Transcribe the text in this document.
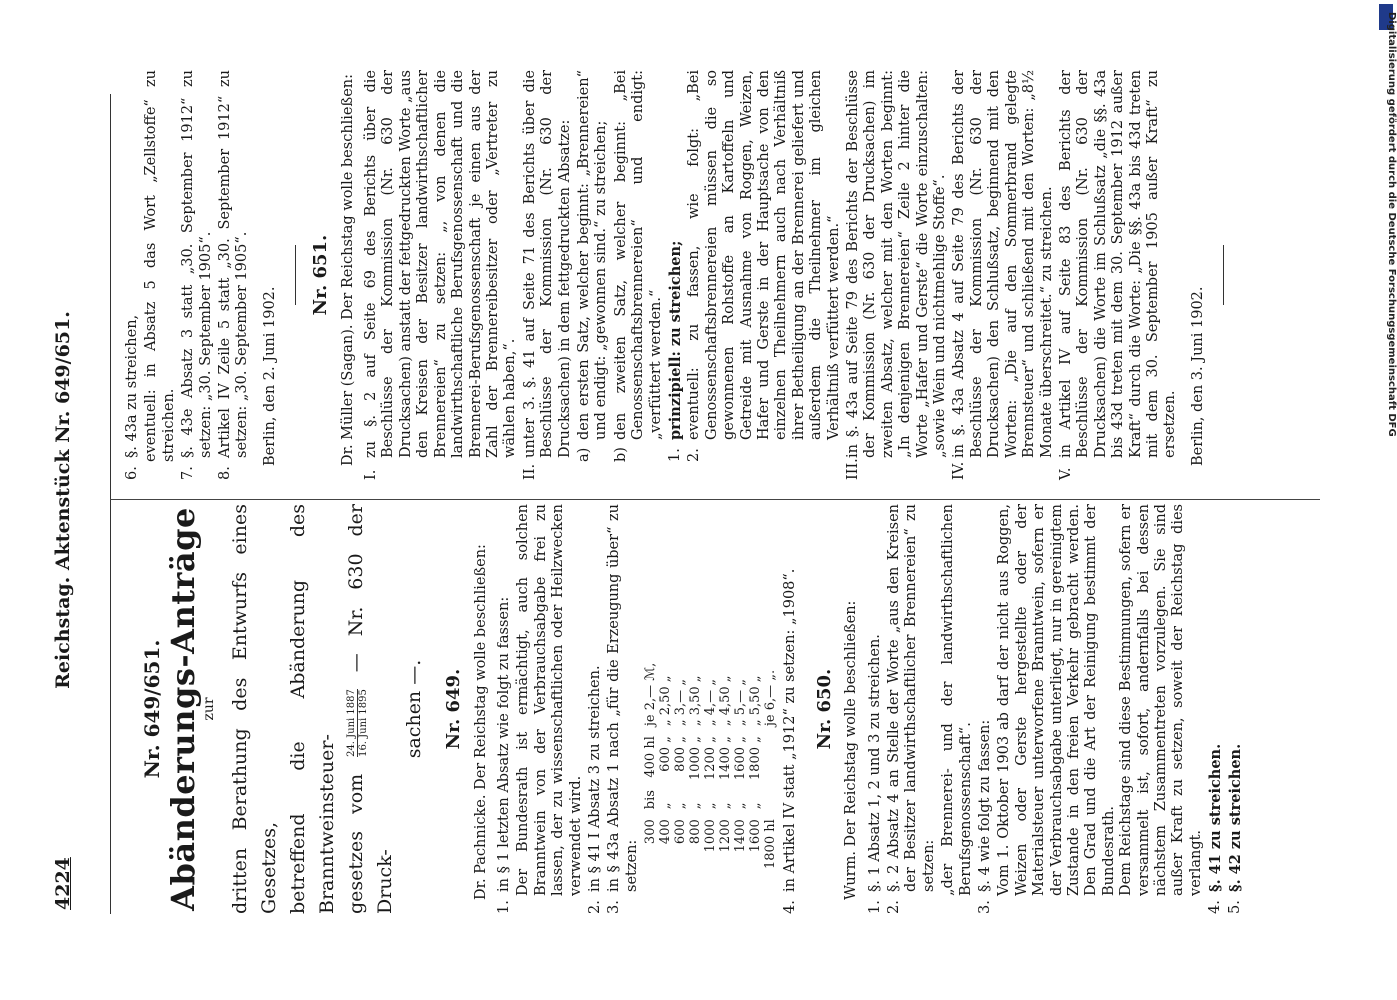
4224
Reichstag. Aktenstück Nr. 649/651.
Nr. 649/651. Abänderungs-Anträge
zur dritten Berathung des Entwurfs eines Gesetzes, betreffend die Abänderung des Branntweinsteuer- gesetzes vom
24. Juni 1887 16. Juni 1895
— Nr. 630 der Druck-
sachen —. Nr. 649. Dr. Pachnicke. Der Reichstag wolle beschließen:
1.
in § 1 letzten Absatz wie folgt zu fassen: Der Bundesrath ist ermächtigt, auch solchen Branntwein von der Verbrauchsabgabe frei zu lassen, der zu wissenschaftlichen oder Heilzwecken verwendet wird.
2.
in § 41 I Absatz 3 zu streichen.
3.
in § 43a Absatz 1 nach „für die Erzeugung über“ zu setzen:
300	bis	400 hl	je 2,— ℳ,
400	„	600 „	„ 2,50 „
600	„	800 „	„ 3,— „
800	„	1000 „	„ 3,50 „
1000	„	1200 „	„ 4,— „
1200	„	1400 „	„ 4,50 „
1400	„	1600 „	„ 5,— „
1600	„	1800 „	„ 5,50 „
1800 hl			je 6,— „.
4.
in Artikel IV statt „1912“ zu setzen: „1908“. Nr. 650. Wurm. Der Reichstag wolle beschließen:
1.
§. 1 Absatz 1, 2 und 3 zu streichen.
2.
§. 2 Absatz 4 an Stelle der Worte „aus den Kreisen der Besitzer landwirthschaftlicher Brennereien“ zu setzen: „der Brennerei- und der landwirthschaftlichen Berufsgenossenschaft“.
3.
§. 4 wie folgt zu fassen: Vom 1. Oktober 1903 ab darf der nicht aus Roggen, Weizen oder Gerste hergestellte oder der Materialsteuer unterworfene Branntwein, sofern er der Verbrauchsabgabe unterliegt, nur in gereinigtem Zustande in den freien Verkehr gebracht werden. Den Grad und die Art der Reinigung bestimmt der Bundesrath. Dem Reichstage sind diese Bestimmungen, sofern er versammelt ist, sofort, andernfalls bei dessen nächstem Zusammentreten vorzulegen. Sie sind außer Kraft zu setzen, soweit der Reichstag dies verlangt.
4.
§. 41 zu streichen.
5.
§. 42 zu streichen.
6.
§. 43a zu streichen, eventuell: in Absatz 5 das Wort „Zellstoffe“ zu streichen.
7.
§. 43e Absatz 3 statt „30. September 1912“ zu setzen: „30. September 1905“.
8.
Artikel IV Zeile 5 statt „30. September 1912“ zu setzen: „30. September 1905“. Berlin, den 2. Juni 1902.
Nr. 651. Dr. Müller (Sagan). Der Reichstag wolle beschließen:
I.
zu §. 2 auf Seite 69 des Berichts über die Beschlüsse der Kommission (Nr. 630 der Drucksachen) anstatt der fettgedruckten Worte „aus den Kreisen der Besitzer landwirthschaftlicher Brennereien“ zu setzen: „, von denen die landwirthschaftliche Berufsgenossenschaft und die Brennerei-Berufsgenossenschaft je einen aus der Zahl der Brennereibesitzer oder „Vertreter zu wählen haben,“.
II.
unter 3. §. 41 auf Seite 71 des Berichts über die Beschlüsse der Kommission (Nr. 630 der Drucksachen) in dem fettgedruckten Absatze: a)
den ersten Satz, welcher beginnt: „Brennereien“ und endigt: „gewonnen sind.“ zu streichen;
b)
den zweiten Satz, welcher beginnt: „Bei Genossenschaftsbrennereien“ und endigt: „verfüttert werden.“
1.
prinzipiell: zu streichen;
2.
eventuell: zu fassen, wie folgt: „Bei Genossenschaftsbrennereien müssen die so gewonnenen Rohstoffe an Kartoffeln und Getreide mit Ausnahme von Roggen, Weizen, Hafer und Gerste in der Hauptsache von den einzelnen Theilnehmern auch nach Verhältniß ihrer Betheiligung an der Brennerei geliefert und außerdem die Theilnehmer im gleichen Verhältniß verfüttert werden.“
III.
in §. 43a auf Seite 79 des Berichts der Beschlüsse der Kommission (Nr. 630 der Drucksachen) im zweiten Absatz, welcher mit den Worten beginnt: „In denjenigen Brennereien“ Zeile 2 hinter die Worte „Hafer und Gerste“ die Worte einzuschalten: „sowie Wein und nichtmehlige Stoffe“.
IV.
in §. 43a Absatz 4 auf Seite 79 des Berichts der Beschlüsse der Kommission (Nr. 630 der Drucksachen) den Schlußsatz, beginnend mit den Worten: „Die auf den Sommerbrand gelegte Brennsteuer“ und schließend mit den Worten: „8½ Monate überschreitet.“ zu streichen.
V.
in Artikel IV auf Seite 83 des Berichts der Beschlüsse der Kommission (Nr. 630 der Drucksachen) die Worte im Schlußsatz „die §§. 43a bis 43d treten mit dem 30. September 1912 außer Kraft“ durch die Worte: „Die §§. 43a bis 43d treten mit dem 30. September 1905 außer Kraft“ zu ersetzen. Berlin, den 3. Juni 1902.	Digitalisierung gefördert durch die Deutsche Forschungsgemeinschaft DFG
